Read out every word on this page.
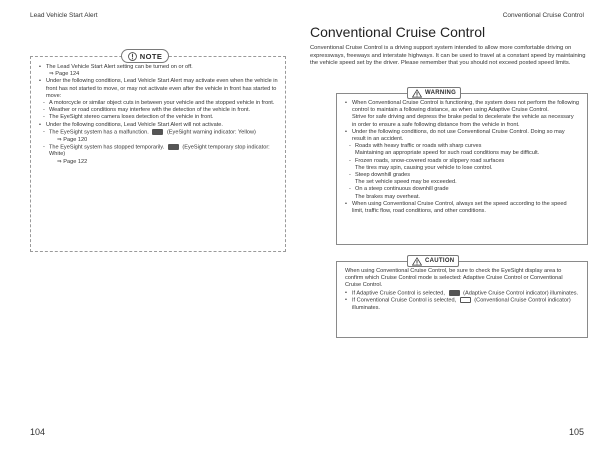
Lead Vehicle Start Alert
NOTE
• The Lead Vehicle Start Alert setting can be turned on or off.
⇒ Page 124
• Under the following conditions, Lead Vehicle Start Alert may activate even when the vehicle in front has not started to move, or may not activate even after the vehicle in front has started to move:
- A motorcycle or similar object cuts in between your vehicle and the stopped vehicle in front.
- Weather or road conditions may interfere with the detection of the vehicle in front.
- The EyeSight stereo camera loses detection of the vehicle in front.
• Under the following conditions, Lead Vehicle Start Alert will not activate.
- The EyeSight system has a malfunction.	(EyeSight warning indicator: Yellow)
⇒ Page 120
- The EyeSight system has stopped temporarily.	(EyeSight temporary stop indicator: White)
⇒ Page 122
104
Conventional Cruise Control
Conventional Cruise Control
Conventional Cruise Control is a driving support system intended to allow more comfortable driving on expressways, freeways and interstate highways. It can be used to travel at a constant speed by maintaining the vehicle speed set by the driver. Please remember that you should not exceed posted speed limits.
WARNING
• When Conventional Cruise Control is functioning, the system does not perform the following control to maintain a following distance, as when using Adaptive Cruise Control.
Strive for safe driving and depress the brake pedal to decelerate the vehicle as necessary in order to ensure a safe following distance from the vehicle in front.
• Under the following conditions, do not use Conventional Cruise Control. Doing so may result in an accident.
- Roads with heavy traffic or roads with sharp curves
Maintaining an appropriate speed for such road conditions may be difficult.
- Frozen roads, snow-covered roads or slippery road surfaces
The tires may spin, causing your vehicle to lose control.
- Steep downhill grades
The set vehicle speed may be exceeded.
- On a steep continuous downhill grade
The brakes may overheat.
• When using Conventional Cruise Control, always set the speed according to the speed limit, traffic flow, road conditions, and other conditions.
CAUTION
When using Conventional Cruise Control, be sure to check the EyeSight display area to confirm which Cruise Control mode is selected: Adaptive Cruise Control or Conventional Cruise Control.
• If Adaptive Cruise Control is selected,	(Adaptive Cruise Control indicator) illuminates.
• If Conventional Cruise Control is selected,	(Conventional Cruise Control indicator) illuminates.
105
